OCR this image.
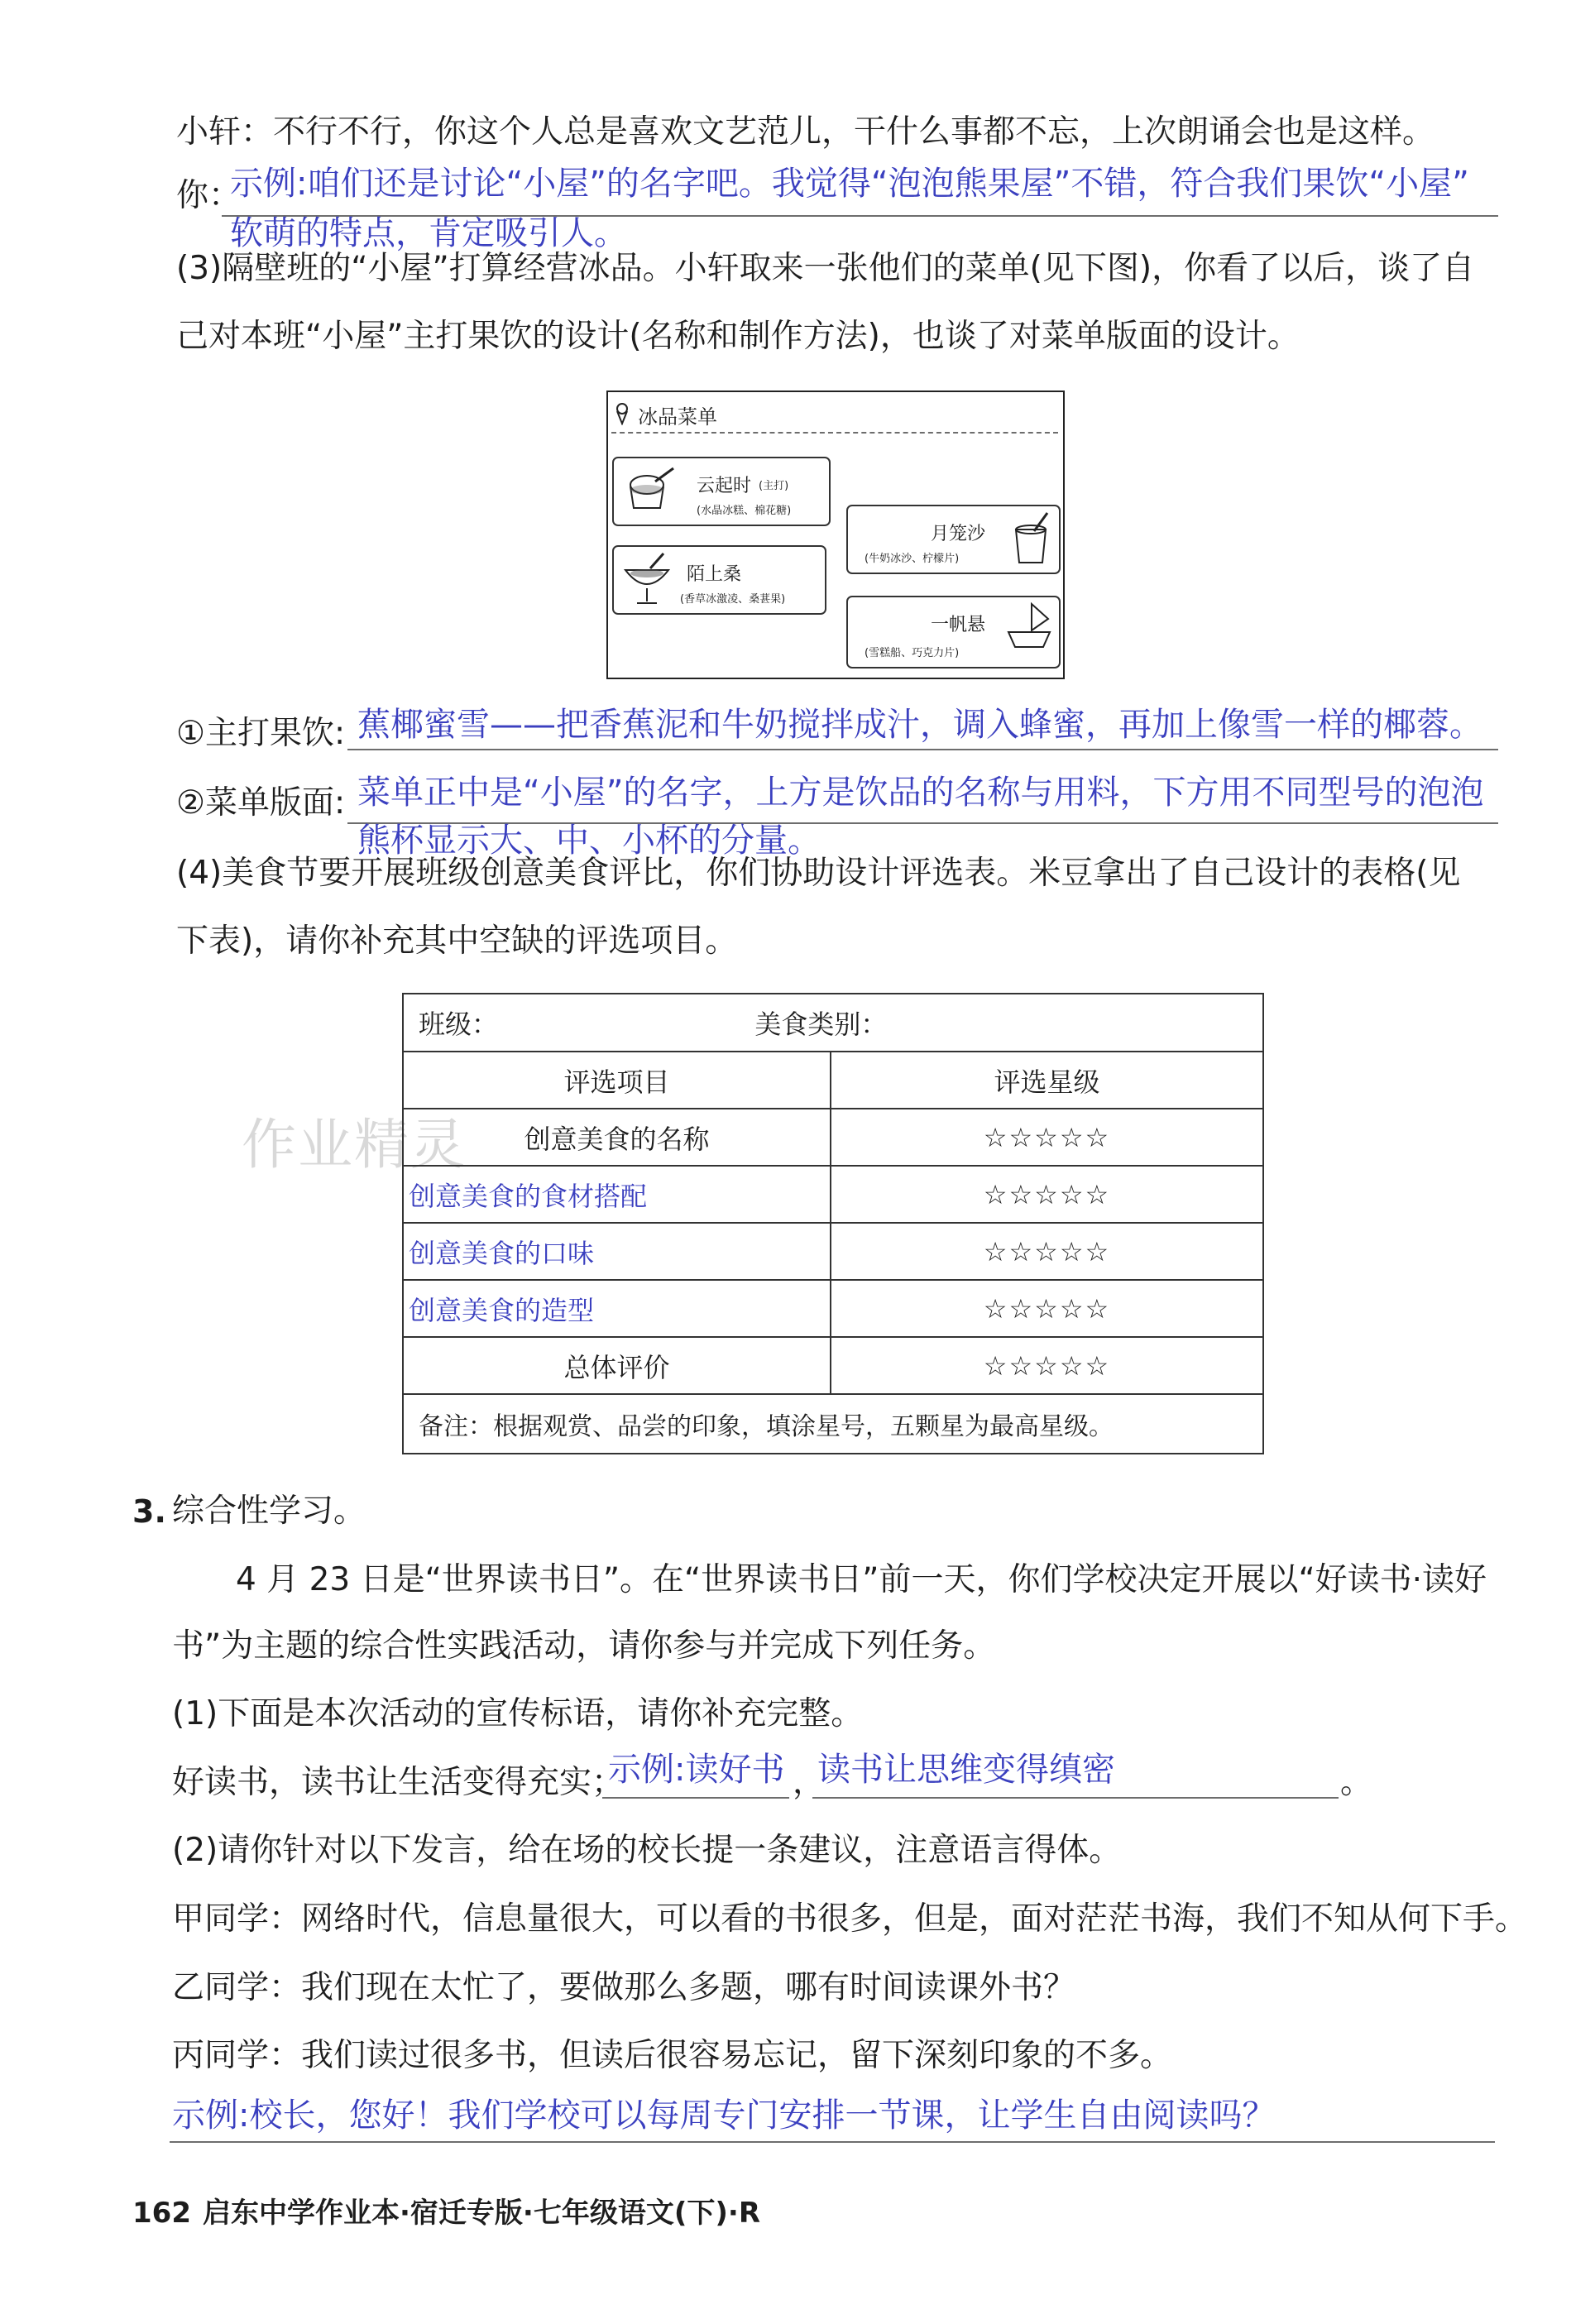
小轩：不行不行，你这个人总是喜欢文艺范儿，干什么事都不忘，上次朗诵会也是这样。
你：
示例:咱们还是讨论“小屋”的名字吧。我觉得“泡泡熊果屋”不错，符合我们果饮“小屋”
软萌的特点，肯定吸引人。
(3)隔壁班的“小屋”打算经营冰品。小轩取来一张他们的菜单(见下图)，你看了以后，谈了自
己对本班“小屋”主打果饮的设计(名称和制作方法)，也谈了对菜单版面的设计。
冰品菜单
云起时 (主打)
(水晶冰糕、棉花糖)
月笼沙
(牛奶冰沙、柠檬片)
陌上桑
(香草冰激凌、桑葚果)
一帆悬
(雪糕船、巧克力片)
①主打果饮: 蕉椰蜜雪——把香蕉泥和牛奶搅拌成汁，调入蜂蜜，再加上像雪一样的椰蓉。
②菜单版面: 菜单正中是“小屋”的名字，上方是饮品的名称与用料，下方用不同型号的泡泡
熊杯显示大、中、小杯的分量。
(4)美食节要开展班级创意美食评比，你们协助设计评选表。米豆拿出了自己设计的表格(见
下表)，请你补充其中空缺的评选项目。
作业精灵
班级： 美食类别：	
评选项目	评选星级
创意美食的名称	☆☆☆☆☆
创意美食的食材搭配	☆☆☆☆☆
创意美食的口味	☆☆☆☆☆
创意美食的造型	☆☆☆☆☆
总体评价	☆☆☆☆☆
备注：根据观赏、品尝的印象，填涂星号，五颗星为最高星级。	
3. 综合性学习。
4 月 23 日是“世界读书日”。在“世界读书日”前一天，你们学校决定开展以“好读书·读好
书”为主题的综合性实践活动，请你参与并完成下列任务。
(1)下面是本次活动的宣传标语，请你补充完整。
好读书，读书让生活变得充实；
示例:读好书 ，
读书让思维变得缜密	。
(2)请你针对以下发言，给在场的校长提一条建议，注意语言得体。
甲同学：网络时代，信息量很大，可以看的书很多，但是，面对茫茫书海，我们不知从何下手。
乙同学：我们现在太忙了，要做那么多题，哪有时间读课外书？
丙同学：我们读过很多书，但读后很容易忘记，留下深刻印象的不多。
示例:校长，您好！我们学校可以每周专门安排一节课，让学生自由阅读吗？
162 启东中学作业本·宿迁专版·七年级语文(下)·R
